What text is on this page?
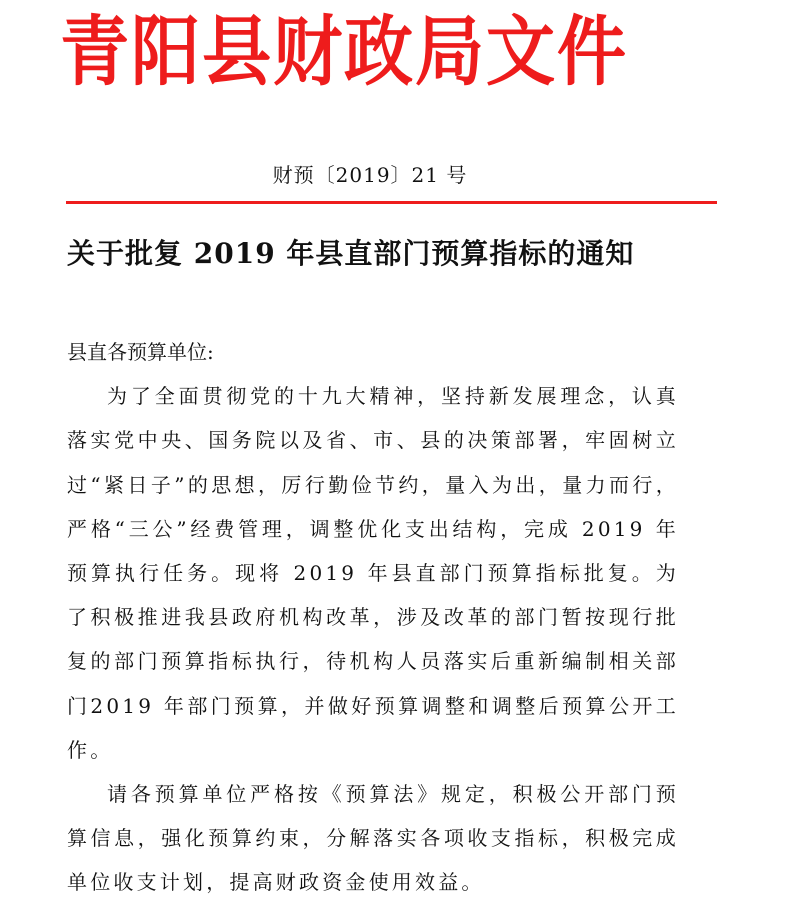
青阳县财政局文件
财预〔2019〕21 号
关于批复 2019 年县直部门预算指标的通知

县直各预算单位:

为了全面贯彻党的十九大精神，坚持新发展理念，认真落实党中央、国务院以及省、市、县的决策部署，牢固树立过“紧日子”的思想，厉行勤俭节约，量入为出，量力而行，严格“三公”经费管理，调整优化支出结构，完成 2019 年预算执行任务。现将 2019 年县直部门预算指标批复。为了积极推进我县政府机构改革，涉及改革的部门暂按现行批复的部门预算指标执行，待机构人员落实后重新编制相关部门2019 年部门预算，并做好预算调整和调整后预算公开工作。

请各预算单位严格按《预算法》规定，积极公开部门预算信息，强化预算约束，分解落实各项收支指标，积极完成单位收支计划，提高财政资金使用效益。
